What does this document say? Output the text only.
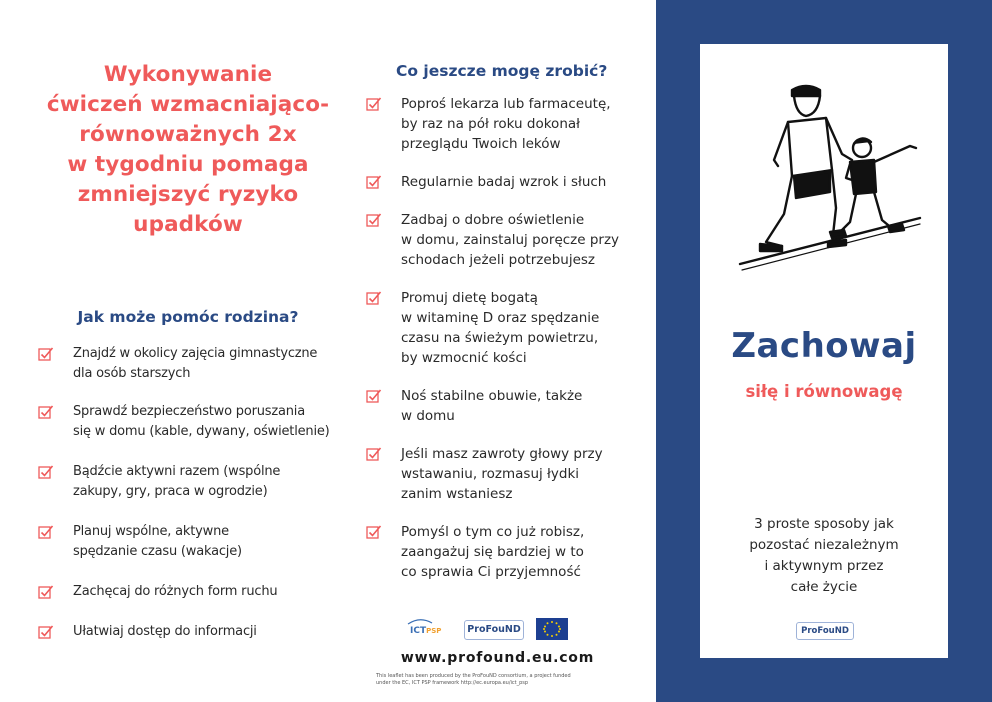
Wykonywanie
ćwiczeń wzmacniająco-
równoważnych 2x
w tygodniu pomaga
zmniejszyć ryzyko
upadków
Jak może pomóc rodzina?
Znajdź w okolicy zajęcia gimnastyczne
dla osób starszych
Sprawdź bezpieczeństwo poruszania
się w domu (kable, dywany, oświetlenie)
Bądźcie aktywni razem (wspólne
zakupy, gry, praca w ogrodzie)
Planuj wspólne, aktywne
spędzanie czasu (wakacje)
Zachęcaj do różnych form ruchu
Ułatwiaj dostęp do informacji
Co jeszcze mogę zrobić?
Poproś lekarza lub farmaceutę,
by raz na pół roku dokonał
przeglądu Twoich leków
Regularnie badaj wzrok i słuch
Zadbaj o dobre oświetlenie
w domu, zainstaluj poręcze przy
schodach jeżeli potrzebujesz
Promuj dietę bogatą
w witaminę D oraz spędzanie
czasu na świeżym powietrzu,
by wzmocnić kości
Noś stabilne obuwie, także
w domu
Jeśli masz zawroty głowy przy
wstawaniu, rozmasuj łydki
zanim wstaniesz
Pomyśl o tym co już robisz,
zaangażuj się bardziej w to
co sprawia Ci przyjemność
ICTPSP	ProFouND
www.profound.eu.com
This leaflet has been produced by the ProFouND consortium, a project funded
under the EC, ICT PSP framework http://ec.europa.eu/ict_psp
Zachowaj
siłę i równowagę
3 proste sposoby jak
pozostać niezależnym
i aktywnym przez
całe życie
ProFouND
